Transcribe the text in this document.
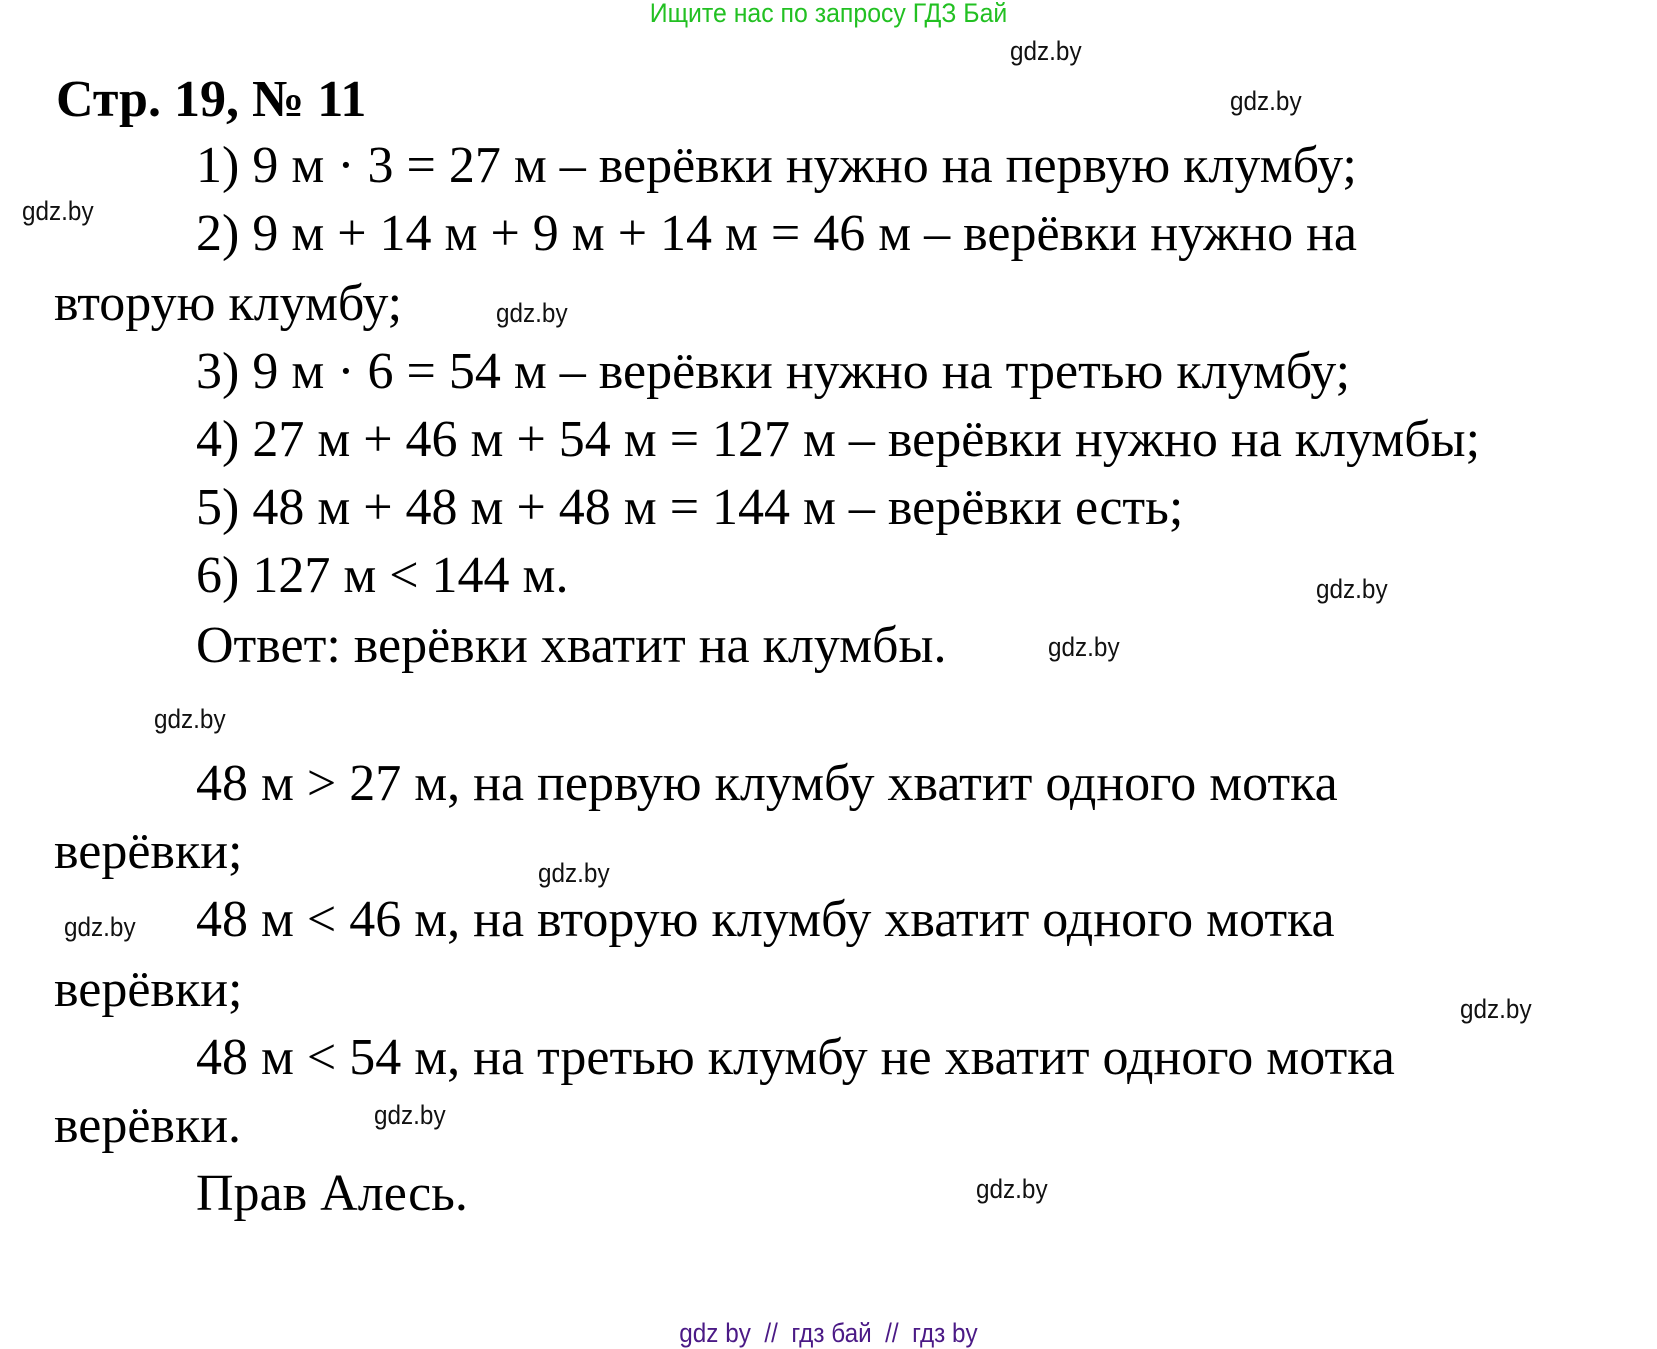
Ищите нас по запросу ГДЗ Бай
Стр. 19, № 11
1) 9 м · 3 = 27 м – верёвки нужно на первую клумбу;
2) 9 м + 14 м + 9 м + 14 м = 46 м – верёвки нужно на
вторую клумбу;
3) 9 м · 6 = 54 м – верёвки нужно на третью клумбу;
4) 27 м + 46 м + 54 м = 127 м – верёвки нужно на клумбы;
5) 48 м + 48 м + 48 м = 144 м – верёвки есть;
6) 127 м < 144 м.
Ответ: верёвки хватит на клумбы.
48 м > 27 м, на первую клумбу хватит одного мотка
верёвки;
48 м < 46 м, на вторую клумбу хватит одного мотка
верёвки;
48 м < 54 м, на третью клумбу не хватит одного мотка
верёвки.
Прав Алесь.
gdz.by
gdz.by
gdz.by
gdz.by
gdz.by
gdz.by
gdz.by
gdz.by
gdz.by
gdz.by
gdz.by
gdz.by
gdz by  //  гдз бай  //  гдз by
